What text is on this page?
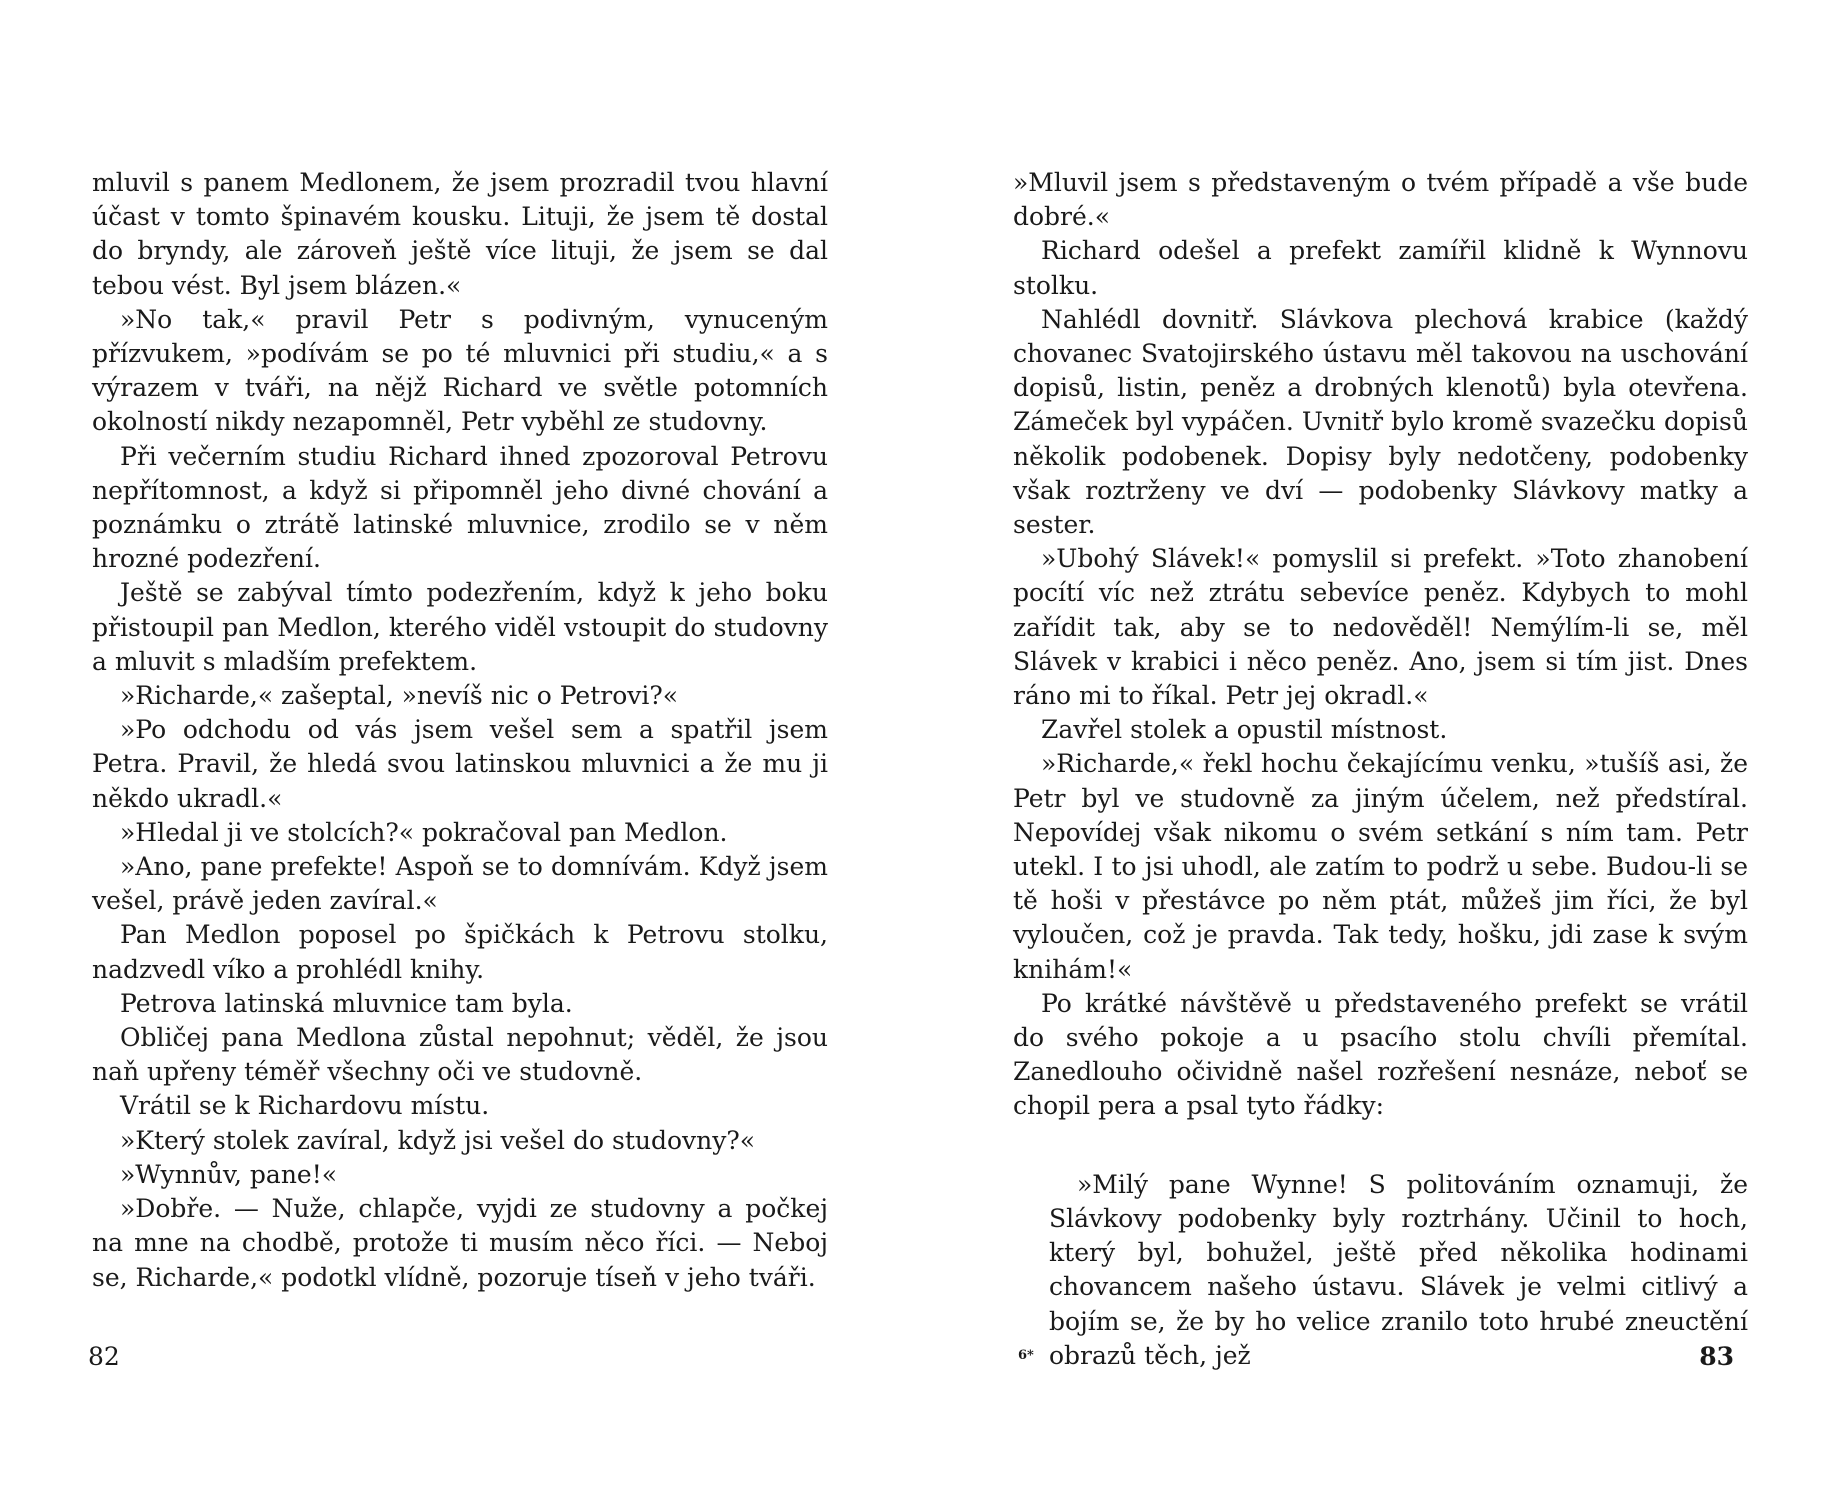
mluvil s panem Medlonem, že jsem prozradil tvou hlavní účast v tomto špinavém kousku. Lituji, že jsem tě dostal do bryndy, ale zároveň ještě více lituji, že jsem se dal tebou vést. Byl jsem blázen.«

»No tak,« pravil Petr s podivným, vynuceným přízvukem, »podívám se po té mluvnici při studiu,« a s výrazem v tváři, na nějž Richard ve světle potomních okolností nikdy nezapomněl, Petr vyběhl ze studovny.

Při večerním studiu Richard ihned zpozoroval Petrovu nepřítomnost, a když si připomněl jeho divné chování a poznámku o ztrátě latinské mluvnice, zrodilo se v něm hrozné podezření.

Ještě se zabýval tímto podezřením, když k jeho boku přistoupil pan Medlon, kterého viděl vstoupit do studovny a mluvit s mladším prefektem.

»Richarde,« zašeptal, »nevíš nic o Petrovi?«

»Po odchodu od vás jsem vešel sem a spatřil jsem Petra. Pravil, že hledá svou latinskou mluvnici a že mu ji někdo ukradl.«

»Hledal ji ve stolcích?« pokračoval pan Medlon.

»Ano, pane prefekte! Aspoň se to domnívám. Když jsem vešel, právě jeden zavíral.«

Pan Medlon poposel po špičkách k Petrovu stolku, nadzvedl víko a prohlédl knihy.

Petrova latinská mluvnice tam byla.

Obličej pana Medlona zůstal nepohnut; věděl, že jsou naň upřeny téměř všechny oči ve studovně.

Vrátil se k Richardovu místu.

»Který stolek zavíral, když jsi vešel do studovny?«

»Wynnův, pane!«

»Dobře. — Nuže, chlapče, vyjdi ze studovny a počkej na mne na chodbě, protože ti musím něco říci. — Neboj se, Richarde,« podotkl vlídně, pozoruje tíseň v jeho tváři.

82

»Mluvil jsem s představeným o tvém případě a vše bude dobré.«

Richard odešel a prefekt zamířil klidně k Wynnovu stolku.

Nahlédl dovnitř. Slávkova plechová krabice (každý chovanec Svatojirského ústavu měl takovou na uschování dopisů, listin, peněz a drobných klenotů) byla otevřena. Zámeček byl vypáčen. Uvnitř bylo kromě svazečku dopisů několik podobenek. Dopisy byly nedotčeny, podobenky však roztrženy ve dví — podobenky Slávkovy matky a sester.

»Ubohý Slávek!« pomyslil si prefekt. »Toto zhanobení pocítí víc než ztrátu sebevíce peněz. Kdybych to mohl zařídit tak, aby se to nedověděl! Nemýlím-li se, měl Slávek v krabici i něco peněz. Ano, jsem si tím jist. Dnes ráno mi to říkal. Petr jej okradl.«

Zavřel stolek a opustil místnost.

»Richarde,« řekl hochu čekajícímu venku, »tušíš asi, že Petr byl ve studovně za jiným účelem, než předstíral. Nepovídej však nikomu o svém setkání s ním tam. Petr utekl. I to jsi uhodl, ale zatím to podrž u sebe. Budou-li se tě hoši v přestávce po něm ptát, můžeš jim říci, že byl vyloučen, což je pravda. Tak tedy, hošku, jdi zase k svým knihám!«

Po krátké návštěvě u představeného prefekt se vrátil do svého pokoje a u psacího stolu chvíli přemítal. Zanedlouho očividně našel rozřešení nesnáze, neboť se chopil pera a psal tyto řádky:

»Milý pane Wynne! S politováním oznamuji, že Slávkovy podobenky byly roztrhány. Učinil to hoch, který byl, bohužel, ještě před několika hodinami chovancem našeho ústavu. Slávek je velmi citlivý a bojím se, že by ho velice zranilo toto hrubé zneuctění obrazů těch, jež

6*	83
